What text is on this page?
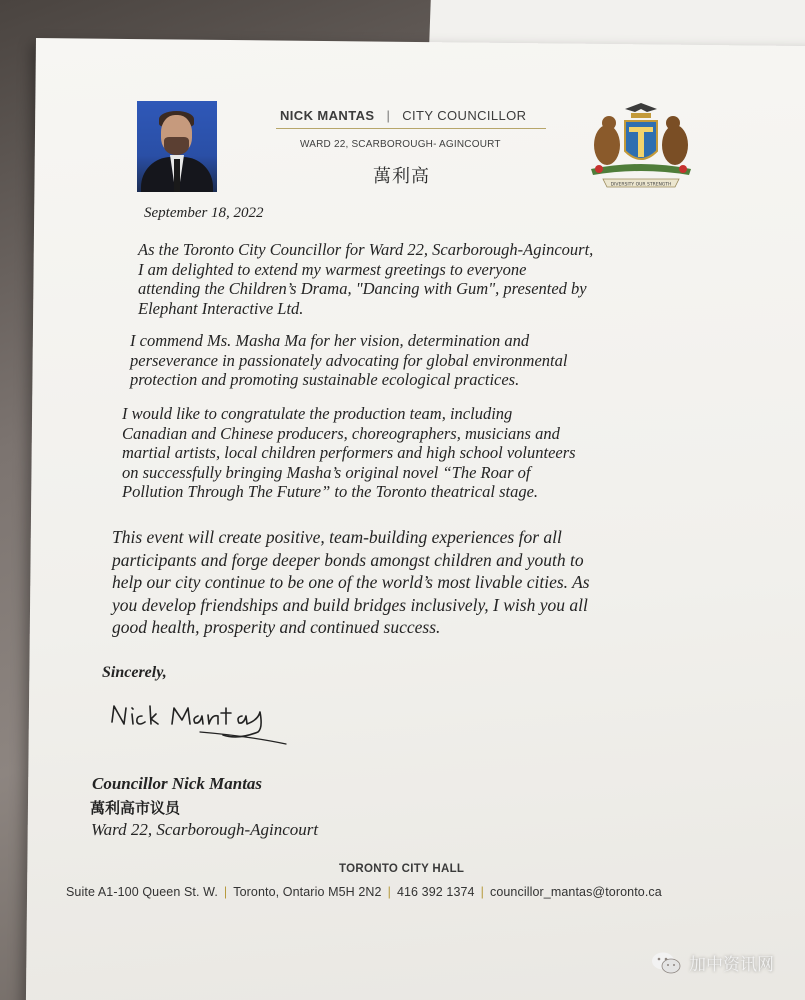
NICK MANTAS | CITY COUNCILLOR
WARD 22, SCARBOROUGH- AGINCOURT
萬利高	DIVERSITY OUR STRENGTH
September 18, 2022
As the Toronto City Councillor for Ward 22, Scarborough-Agincourt,
I am delighted to extend my warmest greetings to everyone
attending the Children’s Drama, "Dancing with Gum", presented by
Elephant Interactive Ltd.
I commend Ms. Masha Ma for her vision, determination and
perseverance in passionately advocating for global environmental
protection and promoting sustainable ecological practices.
I would like to congratulate the production team, including
Canadian and Chinese producers, choreographers, musicians and
martial artists, local children performers and high school volunteers
on successfully bringing Masha’s original novel “The Roar of
Pollution Through The Future” to the Toronto theatrical stage.
This event will create positive, team-building experiences for all
participants and forge deeper bonds amongst children and youth to
help our city continue to be one of the world’s most livable cities. As
you develop friendships and build bridges inclusively, I wish you all
good health, prosperity and continued success.
Sincerely,
Councillor Nick Mantas
萬利高市议员
Ward 22, Scarborough-Agincourt
TORONTO CITY HALL
Suite A1-100 Queen St. W. | Toronto, Ontario M5H 2N2 | 416 392 1374 | councillor_mantas@toronto.ca
加中资讯网
